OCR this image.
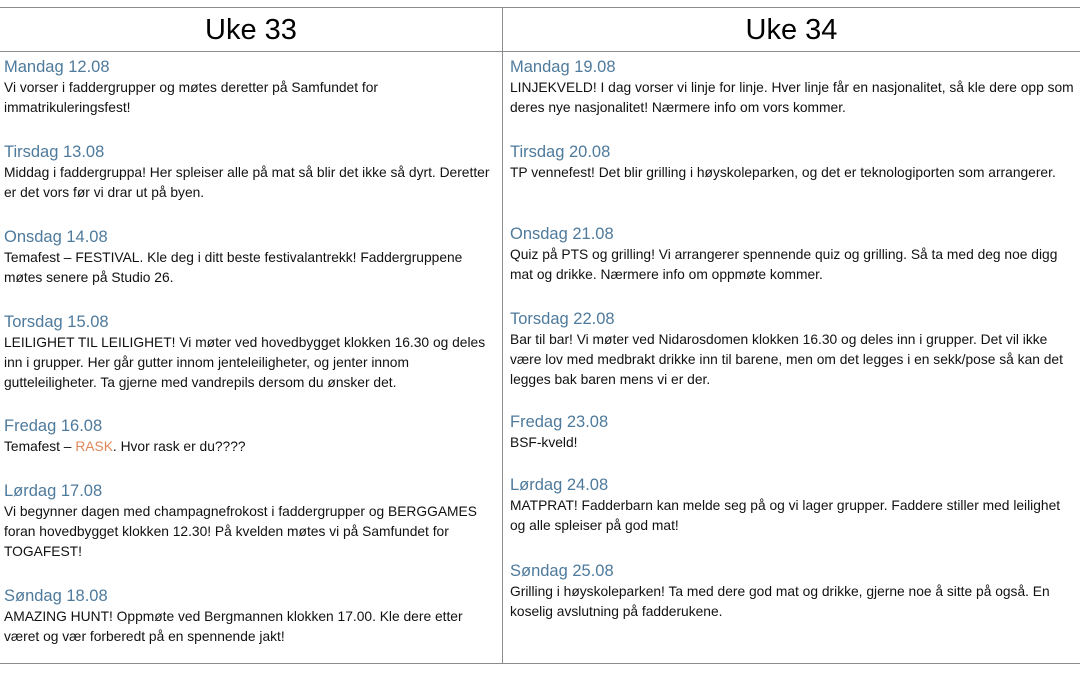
Uke 33	Uke 34
Mandag 12.08
Vi vorser i faddergrupper og møtes deretter på Samfundet for immatrikuleringsfest!
Tirsdag 13.08
Middag i faddergruppa! Her spleiser alle på mat så blir det ikke så dyrt. Deretter er det vors før vi drar ut på byen.
Onsdag 14.08
Temafest – FESTIVAL. Kle deg i ditt beste festivalantrekk! Faddergruppene møtes senere på Studio 26.
Torsdag 15.08
LEILIGHET TIL LEILIGHET! Vi møter ved hovedbygget klokken 16.30 og deles inn i grupper. Her går gutter innom jenteleiligheter, og jenter innom gutteleiligheter. Ta gjerne med vandrepils dersom du ønsker det.
Fredag 16.08
Temafest – RASK. Hvor rask er du????
Lørdag 17.08
Vi begynner dagen med champagnefrokost i faddergrupper og BERGGAMES foran hovedbygget klokken 12.30! På kvelden møtes vi på Samfundet for TOGAFEST!
Søndag 18.08
AMAZING HUNT! Oppmøte ved Bergmannen klokken 17.00. Kle dere etter været og vær forberedt på en spennende jakt!
Mandag 19.08
LINJEKVELD! I dag vorser vi linje for linje. Hver linje får en nasjonalitet, så kle dere opp som deres nye nasjonalitet! Nærmere info om vors kommer.
Tirsdag 20.08
TP vennefest! Det blir grilling i høyskoleparken, og det er teknologiporten som arrangerer.
Onsdag 21.08
Quiz på PTS og grilling! Vi arrangerer spennende quiz og grilling. Så ta med deg noe digg mat og drikke. Nærmere info om oppmøte kommer.
Torsdag 22.08
Bar til bar! Vi møter ved Nidarosdomen klokken 16.30 og deles inn i grupper. Det vil ikke være lov med medbrakt drikke inn til barene, men om det legges i en sekk/pose så kan det legges bak baren mens vi er der.
Fredag 23.08
BSF-kveld!
Lørdag 24.08
MATPRAT! Fadderbarn kan melde seg på og vi lager grupper. Faddere stiller med leilighet og alle spleiser på god mat!
Søndag 25.08
Grilling i høyskoleparken! Ta med dere god mat og drikke, gjerne noe å sitte på også. En koselig avslutning på fadderukene.
